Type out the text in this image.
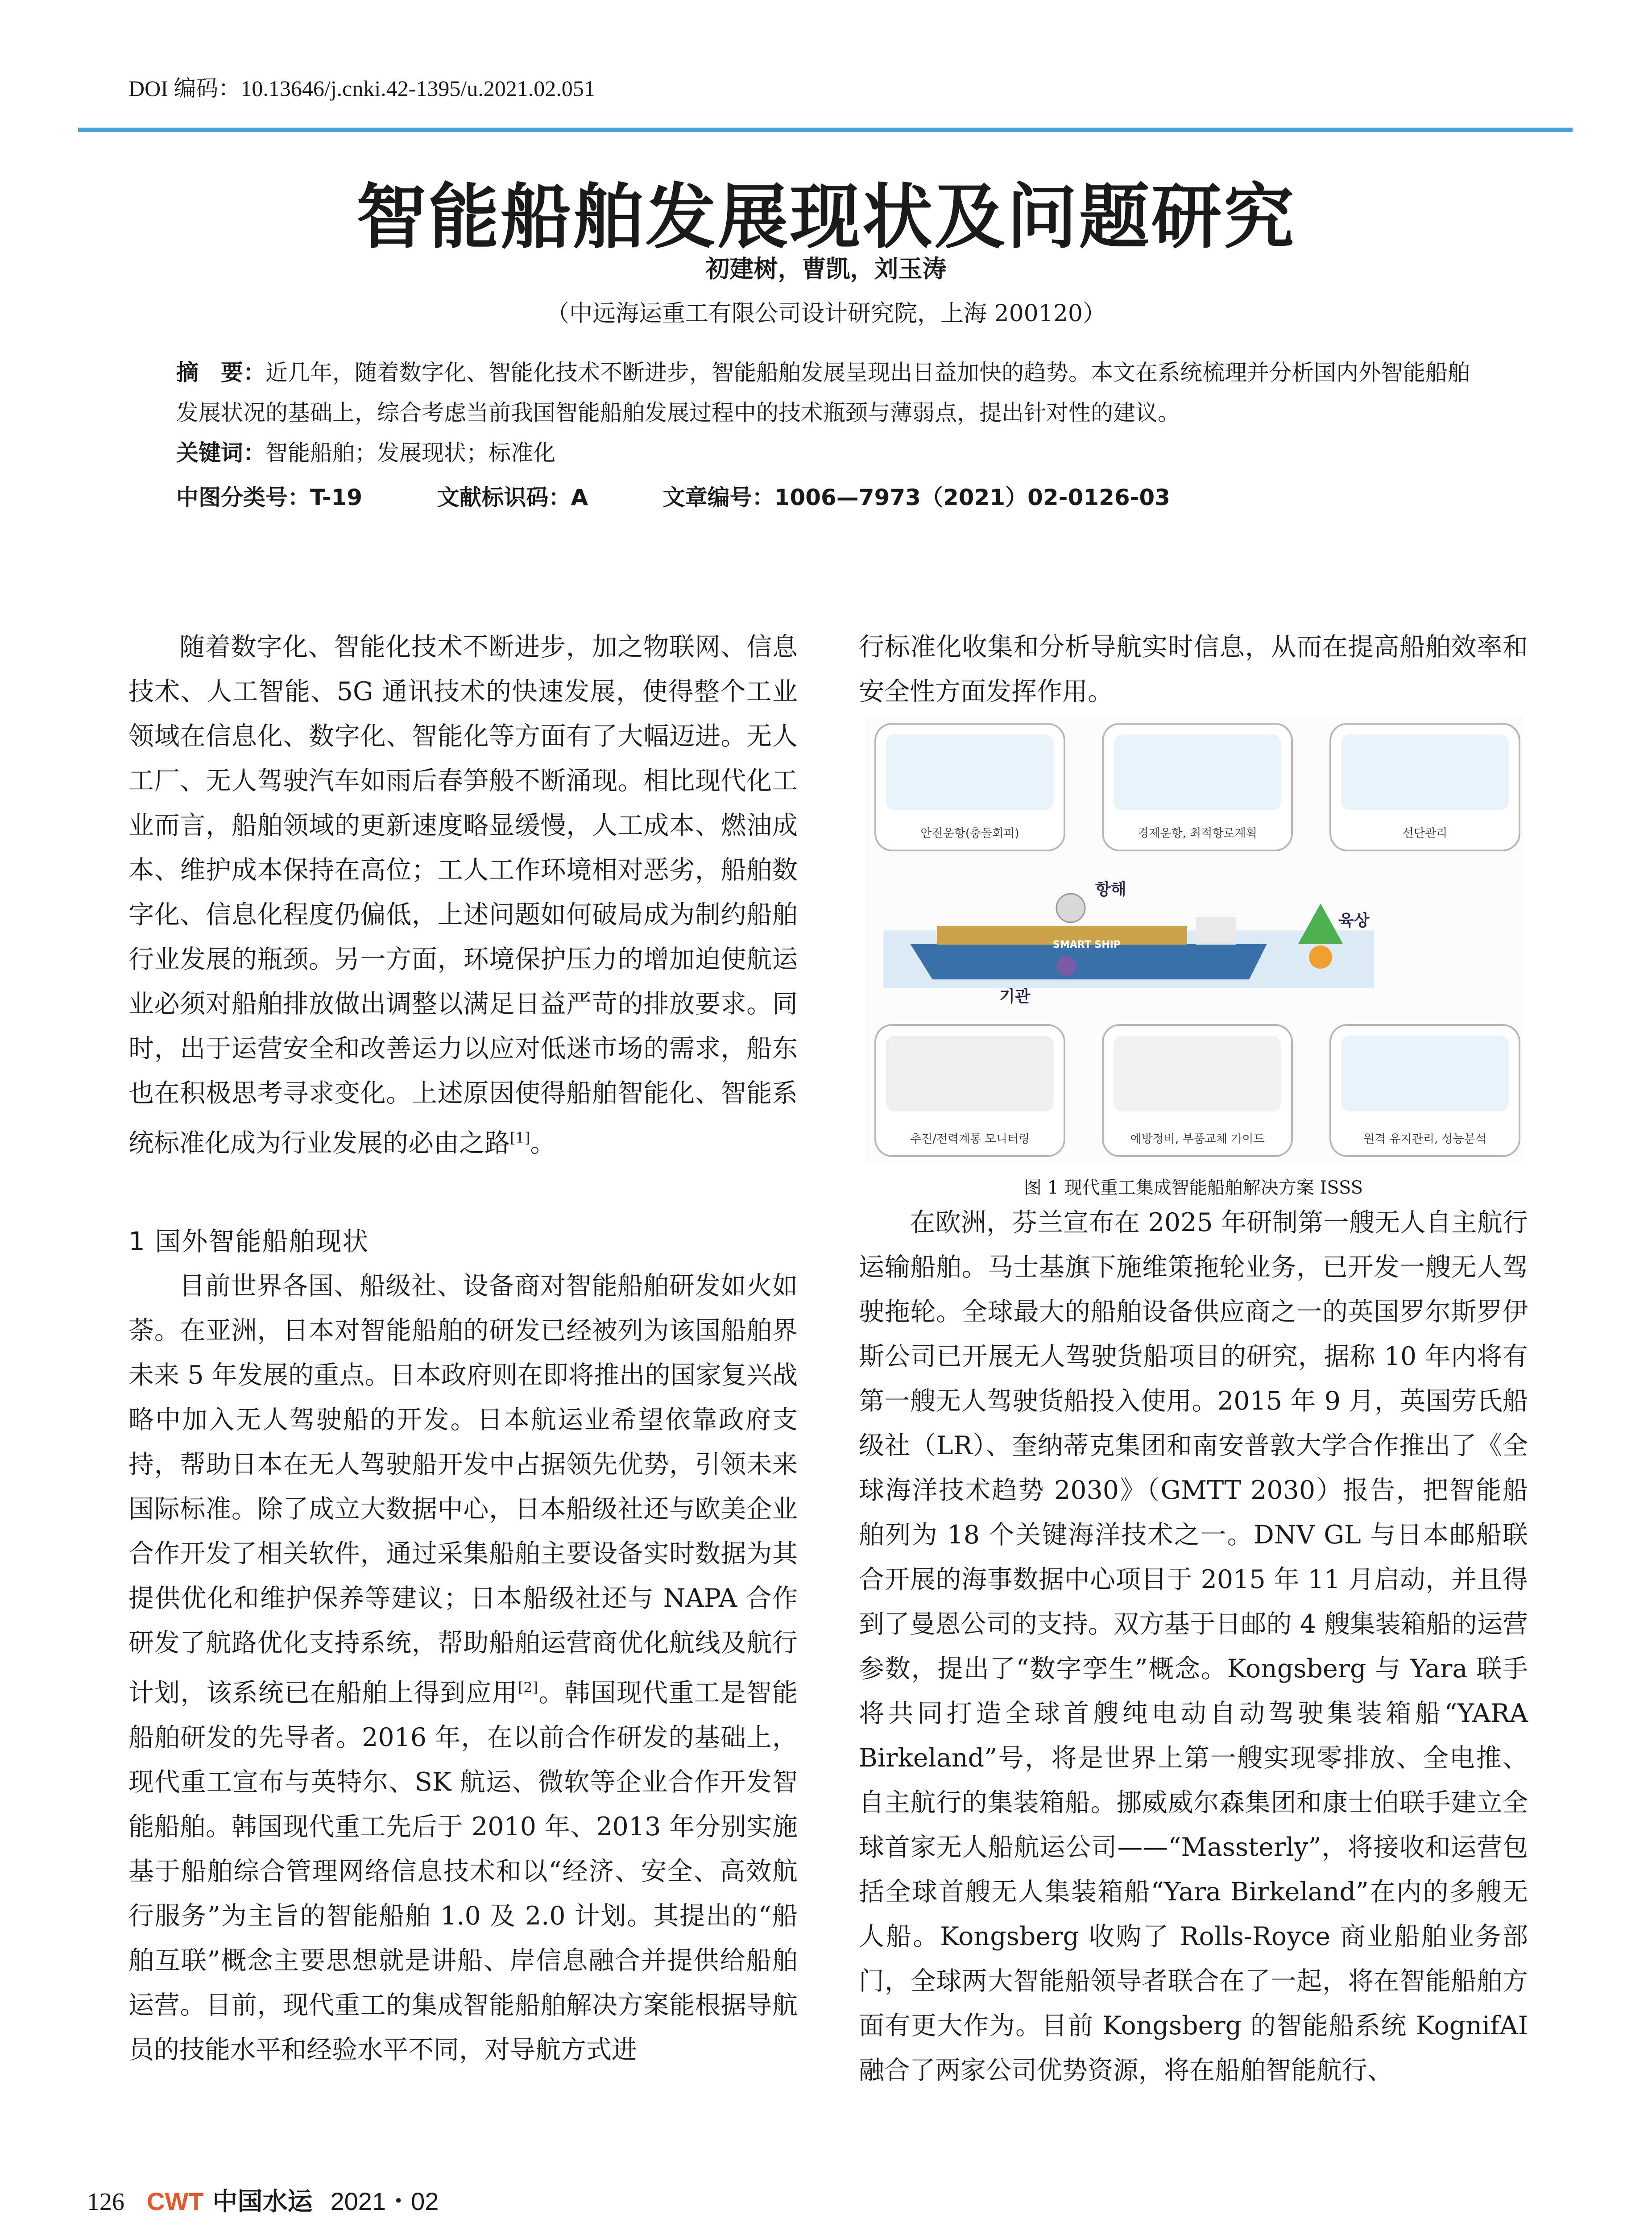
DOI 编码：10.13646/j.cnki.42-1395/u.2021.02.051
智能船舶发展现状及问题研究
初建树，曹凯，刘玉涛
（中远海运重工有限公司设计研究院，上海 200120）
摘　要：近几年，随着数字化、智能化技术不断进步，智能船舶发展呈现出日益加快的趋势。本文在系统梳理并分析国内外智能船舶发展状况的基础上，综合考虑当前我国智能船舶发展过程中的技术瓶颈与薄弱点，提出针对性的建议。
关键词：智能船舶；发展现状；标准化
中图分类号：T-19	文献标识码：A	文章编号：1006—7973（2021）02-0126-03

随着数字化、智能化技术不断进步，加之物联网、信息技术、人工智能、5G 通讯技术的快速发展，使得整个工业领域在信息化、数字化、智能化等方面有了大幅迈进。无人工厂、无人驾驶汽车如雨后春笋般不断涌现。相比现代化工业而言，船舶领域的更新速度略显缓慢，人工成本、燃油成本、维护成本保持在高位；工人工作环境相对恶劣，船舶数字化、信息化程度仍偏低，上述问题如何破局成为制约船舶行业发展的瓶颈。另一方面，环境保护压力的增加迫使航运业必须对船舶排放做出调整以满足日益严苛的排放要求。同时，出于运营安全和改善运力以应对低迷市场的需求，船东也在积极思考寻求变化。上述原因使得船舶智能化、智能系统标准化成为行业发展的必由之路[1]。

1 国外智能船舶现状

目前世界各国、船级社、设备商对智能船舶研发如火如荼。在亚洲，日本对智能船舶的研发已经被列为该国船舶界未来 5 年发展的重点。日本政府则在即将推出的国家复兴战略中加入无人驾驶船的开发。日本航运业希望依靠政府支持，帮助日本在无人驾驶船开发中占据领先优势，引领未来国际标准。除了成立大数据中心，日本船级社还与欧美企业合作开发了相关软件，通过采集船舶主要设备实时数据为其提供优化和维护保养等建议；日本船级社还与 NAPA 合作研发了航路优化支持系统，帮助船舶运营商优化航线及航行计划，该系统已在船舶上得到应用[2]。韩国现代重工是智能船舶研发的先导者。2016 年，在以前合作研发的基础上，现代重工宣布与英特尔、SK 航运、微软等企业合作开发智能船舶。韩国现代重工先后于 2010 年、2013 年分别实施基于船舶综合管理网络信息技术和以“经济、安全、高效航行服务”为主旨的智能船舶 1.0 及 2.0 计划。其提出的“船舶互联”概念主要思想就是讲船、岸信息融合并提供给船舶运营。目前，现代重工的集成智能船舶解决方案能根据导航员的技能水平和经验水平不同，对导航方式进

行标准化收集和分析导航实时信息，从而在提高船舶效率和安全性方面发挥作用。

안전운항(충돌회피)	경제운항, 최적항로계획	선단관리
항해
육상
기관
SMART SHIP
추진/전력계통 모니터링	예방정비, 부품교체 가이드	원격 유지관리, 성능분석
图 1 现代重工集成智能船舶解决方案 ISSS

在欧洲，芬兰宣布在 2025 年研制第一艘无人自主航行运输船舶。马士基旗下施维策拖轮业务，已开发一艘无人驾驶拖轮。全球最大的船舶设备供应商之一的英国罗尔斯罗伊斯公司已开展无人驾驶货船项目的研究，据称 10 年内将有第一艘无人驾驶货船投入使用。2015 年 9 月，英国劳氏船级社（LR）、奎纳蒂克集团和南安普敦大学合作推出了《全球海洋技术趋势 2030》（GMTT 2030）报告，把智能船舶列为 18 个关键海洋技术之一。DNV GL 与日本邮船联合开展的海事数据中心项目于 2015 年 11 月启动，并且得到了曼恩公司的支持。双方基于日邮的 4 艘集装箱船的运营参数，提出了“数字孪生”概念。Kongsberg 与 Yara 联手将共同打造全球首艘纯电动自动驾驶集装箱船“YARA Birkeland”号，将是世界上第一艘实现零排放、全电推、自主航行的集装箱船。挪威威尔森集团和康士伯联手建立全球首家无人船航运公司——“Massterly”，将接收和运营包括全球首艘无人集装箱船“Yara Birkeland”在内的多艘无人船。Kongsberg 收购了 Rolls-Royce 商业船舶业务部门，全球两大智能船领导者联合在了一起，将在智能船舶方面有更大作为。目前 Kongsberg 的智能船系统 KognifAI 融合了两家公司优势资源，将在船舶智能航行、

126 CWT 中国水运 2021・02
